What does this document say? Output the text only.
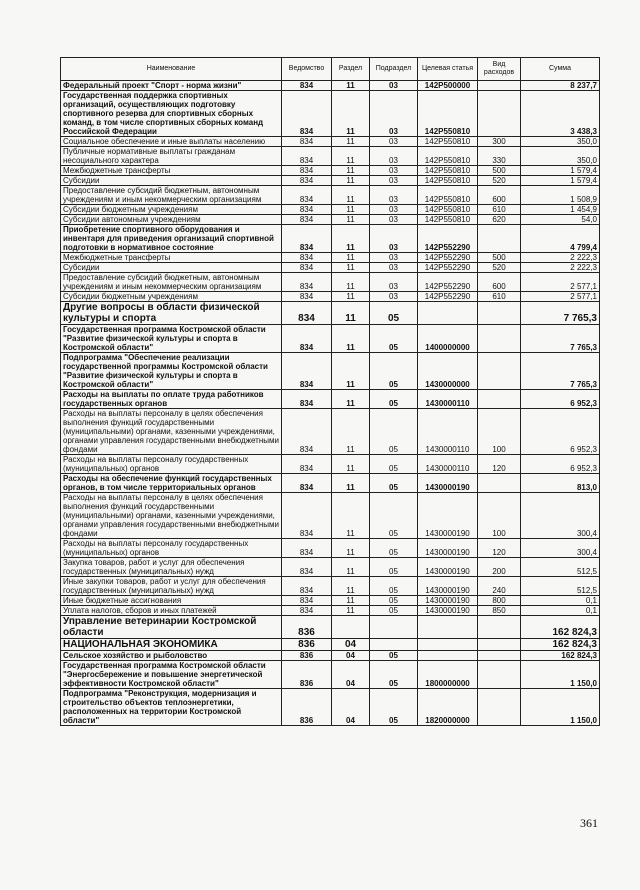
Наименование	Ведомство	Раздел	Подраздел	Целевая статья	Вид расходов	Сумма
Федеральный проект "Спорт - норма жизни"	834	11	03	142P500000		8 237,7
Государственная поддержка спортивных организаций, осуществляющих подготовку спортивного резерва для спортивных сборных команд, в том числе спортивных сборных команд Российской Федерации	834	11	03	142P550810		3 438,3
Социальное обеспечение и иные выплаты населению	834	11	03	142P550810	300	350,0
Публичные нормативные выплаты гражданам несоциального характера	834	11	03	142P550810	330	350,0
Межбюджетные трансферты	834	11	03	142P550810	500	1 579,4
Субсидии	834	11	03	142P550810	520	1 579,4
Предоставление субсидий бюджетным, автономным учреждениям и иным некоммерческим организациям	834	11	03	142P550810	600	1 508,9
Субсидии бюджетным учреждениям	834	11	03	142P550810	610	1 454,9
Субсидии автономным учреждениям	834	11	03	142P550810	620	54,0
Приобретение спортивного оборудования и инвентаря для приведения организаций спортивной подготовки в нормативное состояние	834	11	03	142P552290		4 799,4
Межбюджетные трансферты	834	11	03	142P552290	500	2 222,3
Субсидии	834	11	03	142P552290	520	2 222,3
Предоставление субсидий бюджетным, автономным учреждениям и иным некоммерческим организациям	834	11	03	142P552290	600	2 577,1
Субсидии бюджетным учреждениям	834	11	03	142P552290	610	2 577,1
Другие вопросы в области физической культуры и спорта	834	11	05			7 765,3
Государственная программа Костромской области "Развитие физической культуры и спорта в Костромской области"	834	11	05	1400000000		7 765,3
Подпрограмма "Обеспечение реализации государственной программы Костромской области "Развитие физической культуры и спорта в Костромской области"	834	11	05	1430000000		7 765,3
Расходы на выплаты по оплате труда работников государственных органов	834	11	05	1430000110		6 952,3
Расходы на выплаты персоналу в целях обеспечения выполнения функций государственными (муниципальными) органами, казенными учреждениями, органами управления государственными внебюджетными фондами	834	11	05	1430000110	100	6 952,3
Расходы на выплаты персоналу государственных (муниципальных) органов	834	11	05	1430000110	120	6 952,3
Расходы на обеспечение функций государственных органов, в том числе территориальных органов	834	11	05	1430000190		813,0
Расходы на выплаты персоналу в целях обеспечения выполнения функций государственными (муниципальными) органами, казенными учреждениями, органами управления государственными внебюджетными фондами	834	11	05	1430000190	100	300,4
Расходы на выплаты персоналу государственных (муниципальных) органов	834	11	05	1430000190	120	300,4
Закупка товаров, работ и услуг для обеспечения государственных (муниципальных) нужд	834	11	05	1430000190	200	512,5
Иные закупки товаров, работ и услуг для обеспечения государственных (муниципальных) нужд	834	11	05	1430000190	240	512,5
Иные бюджетные ассигнования	834	11	05	1430000190	800	0,1
Уплата налогов, сборов и иных платежей	834	11	05	1430000190	850	0,1
Управление ветеринарии Костромской области	836					162 824,3
НАЦИОНАЛЬНАЯ ЭКОНОМИКА	836	04				162 824,3
Сельское хозяйство и рыболовство	836	04	05			162 824,3
Государственная программа Костромской области "Энергосбережение и повышение энергетической эффективности Костромской области"	836	04	05	1800000000		1 150,0
Подпрограмма "Реконструкция, модернизация и строительство объектов теплоэнергетики, расположенных на территории Костромской области"	836	04	05	1820000000		1 150,0
361
